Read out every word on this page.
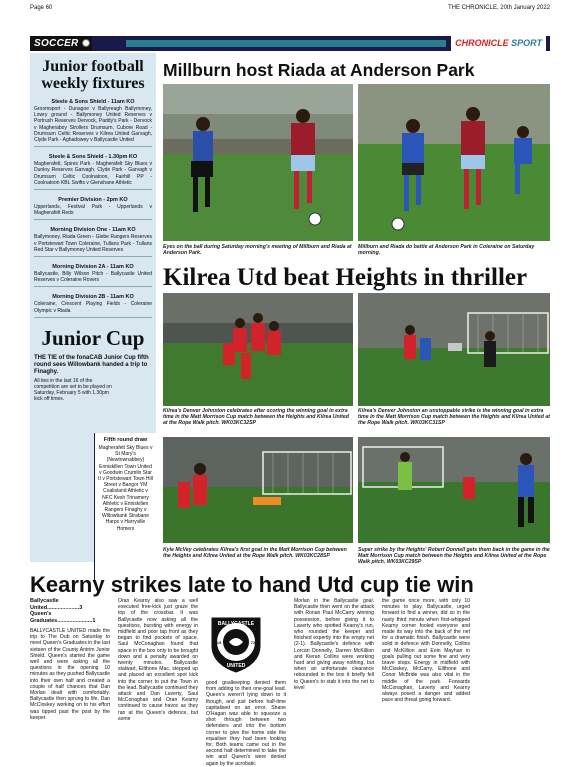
Page 60	THE CHRONICLE, 20th January 2022
SOCCER	CHRONICLE SPORT
Junior football weekly fixtures
Steele & Sons Shield - 11am KO
Groomsport - Dunagoe v Ballyreagh Ballymoney, Lowry ground - Ballymoney United Reserves v Portrush Reserves Dervock, Paddy's Park - Dervock v Magheraboy Strollers Drumsurn, Cubore Road - Drumsurn Celtic Reserves v Kilrea United Garvagh, Clyde Park - Aghadowey v Ballycastle United
Steele & Sons Shield - 1.30pm KO
Magherafelt, Spires Park - Magherafelt Sky Blues v Dunloy Reserves Garvagh, Clyde Park - Garvagh v Drumsurn Celtic Coolnatoon, Fairhill PP - Coolnatoon KBL Swifts v Glenshane Athletic
Premier Division - 2pm KO
Upperlands, Festival Park - Upperlands v Magherafelt Reds
Morning Division One - 11am KO
Ballymoney, Riada Green - Glebe Rangers Reserves v Portstewart Town Coleraine, Tullans Park - Tullans Red Star v Ballymoney United Reserves
Morning Division 2A - 11am KO
Ballycastle, Billy Wilson Pitch - Ballycastle United Reserves v Coleraine Rovers
Morning Division 2B - 11am KO
Coleraine, Crescent Playing Fields - Coleraine Olympic v Riada
Junior Cup
THE TIE of the fonaCAB Junior Cup fifth round sees Willowbank handed a trip to Finaghy.
All ties in the last 16 of the competition are set to be played on Saturday, February 5 with 1.30pm kick off times.
Fifth round draw
Magherafelt Sky Blues v St Mary's (Newtownabbey) Enniskillen Town United v Goodwin Crumlin Star II v Portstewart Town Hill Street v Bangor YM Coalisland Athletic v NFC Kesh Trinamery Athletic v Enniskillen Rangers Finaghy v Willowbank Strabane Harps v Harryville Homers
Millburn host Riada at Anderson Park
Eyes on the ball during Saturday morning's meeting of Millburn and Riada at Anderson Park.
Millburn and Riada do battle at Anderson Park in Coleraine on Saturday morning.
Kilrea Utd beat Heights in thriller
Kilrea's Denver Johnston celebrates after scoring the winning goal in extra time in the Matt Morrison Cup match between the Heights and Kilrea United at the Rope Walk pitch. WK03KC32SP
Kilrea's Denver Johnston an unstoppable strike is the winning goal in extra time in the Matt Morrison Cup match between the Heights and Kilrea United at the Rope Walk pitch. WK03KC31SP
Kyle McVey celebrates Kilrea's first goal in the Matt Morrison Cup between the Heights and Kilrea United at the Rope Walk pitch. WK03KC28SP
Super strike by the Heights' Robert Donnell gets them back in the game in the Matt Morrison Cup match between the Heights and Kilrea United at the Rope Walk pitch. WK03KC29SP
Kearny strikes late to hand Utd cup tie win
Ballycastle United.....................3
Queen's Graduates.......................1
BALLYCASTLE UNITED made the trip to The Dub on Saturday to meet Queen's Graduates in the last sixteen of the County Antrim Junior Shield. Queen's started the game well and were asking all the questions in the opening 10 minutes as they pushed Ballycastle into their own half and created a couple of half chances that Dan Morlan dealt with comfortably. Ballycastle then sprung to life, Dan McCloskey working on to his effort was tipped past the post by the keeper.
Oran Kearny also saw a well executed free-kick just graze the top of the crossbar. It was Ballycastle now asking all the questions, bursting with energy in midfield and poor tap front as they began to find pockets of space. Saul McConaghan found that space in the box only to be brought down and a penalty awarded on twenty minutes. Ballycastle stalwart, Eilthone Mac, stepped up and placed an excellent spot kick into the corner to put the Town in the lead. Ballycastle continued they attack and Dan Laverty, Saul McConaghan and Oran Kearny continued to cause havoc as they ran at the Queen's defence, but some
good goalkeeping denied them from adding to their one-goal lead. Queen's weren't lying down to it though, and just before half-time capitalised on an error. Shane O'Hagan was able to squeeze a shot through between two defenders and into the bottom corner to give the home side the equaliser they had been looking for. Both teams came out in the second half determined to take the win and Queen's were denied again by the acrobatic
Morlan in the Ballycastle goal. Ballycastle then went on the attack with Ronan Paul McCarry winning possession, before giving it to Laverty who spotted Kearny's run, who rounded the keeper and finished expertly into the empty net (2-1). Ballycastle's defence with Lorcan Donnelly, Darren McKillion and Kieran Collins were working hard and giving away nothing, but when an unfortunate clearance rebounded in the box it briefly fell to Queen's to stab it into the net to level
the game once more, with only 10 minutes to play. Ballycastle, urged forward to find a winner, did so in the nasty third minute when first-whipped Kearny corner fooled everyone and made its way into the back of the net for a dramatic finish. Ballycastle were solid in defence with Donnelly, Collins and McKillion and Eoin Mayhan in goals pulling out some fine and very brave stops. Energy in midfield with McCloskey, McCarry, Eilthone and Conor McBride was also vital in the middle of the park. Forwards McConaghan, Laverty and Kearny always posed a danger and added pace and threat going forward.
BALLYCASTLE
UNITED
19	72
